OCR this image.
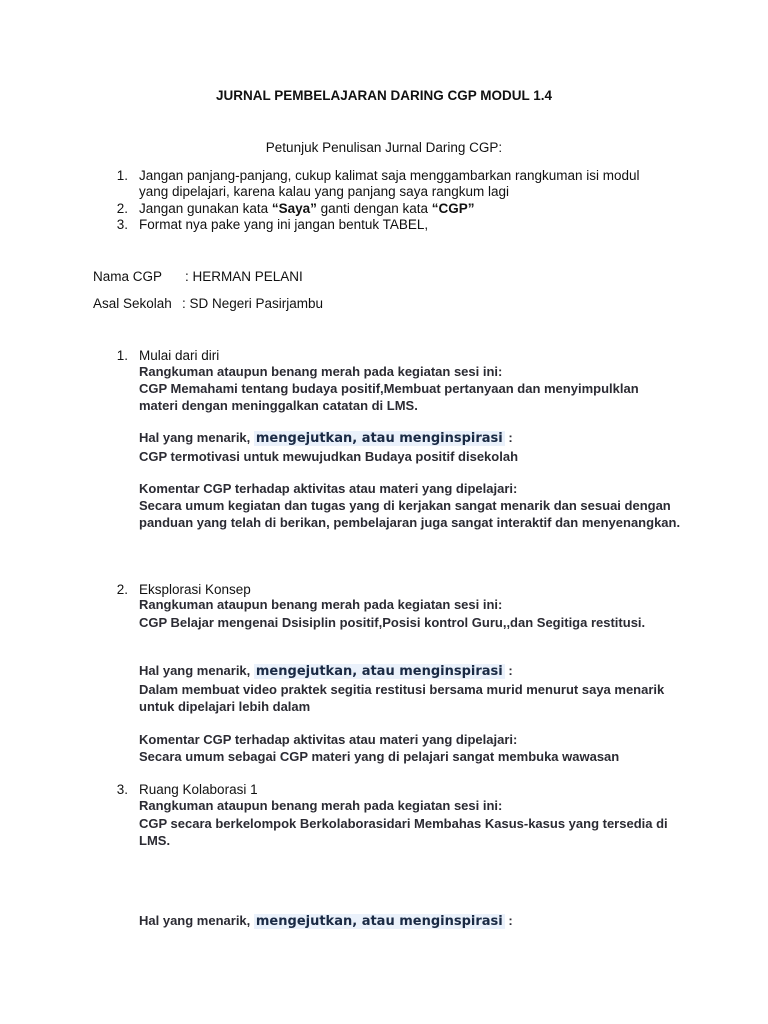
JURNAL PEMBELAJARAN DARING CGP MODUL 1.4
Petunjuk Penulisan Jurnal Daring CGP:
1. Jangan panjang-panjang, cukup kalimat saja menggambarkan rangkuman isi modul
yang dipelajari, karena kalau yang panjang saya rangkum lagi
2. Jangan gunakan kata “Saya” ganti dengan kata “CGP”
3. Format nya pake yang ini jangan bentuk TABEL,
Nama CGP : HERMAN PELANI
Asal Sekolah : SD Negeri Pasirjambu
1. Mulai dari diri
Rangkuman ataupun benang merah pada kegiatan sesi ini:
CGP Memahami tentang budaya positif,Membuat pertanyaan dan menyimpulklan materi dengan meninggalkan catatan di LMS.
Hal yang menarik, mengejutkan, atau menginspirasi :
CGP termotivasi untuk mewujudkan Budaya positif disekolah
Komentar CGP terhadap aktivitas atau materi yang dipelajari:
Secara umum kegiatan dan tugas yang di kerjakan sangat menarik dan sesuai dengan panduan yang telah di berikan, pembelajaran juga sangat interaktif dan menyenangkan.
2. Eksplorasi Konsep
Rangkuman ataupun benang merah pada kegiatan sesi ini:
CGP Belajar mengenai Dsisiplin positif,Posisi kontrol Guru,,dan Segitiga restitusi.
Hal yang menarik, mengejutkan, atau menginspirasi :
Dalam membuat video praktek segitia restitusi bersama murid menurut saya menarik untuk dipelajari lebih dalam
Komentar CGP terhadap aktivitas atau materi yang dipelajari:
Secara umum sebagai CGP materi yang di pelajari sangat membuka wawasan
3. Ruang Kolaborasi 1
Rangkuman ataupun benang merah pada kegiatan sesi ini:
CGP secara berkelompok Berkolaborasidari Membahas Kasus-kasus yang tersedia di LMS.
Hal yang menarik, mengejutkan, atau menginspirasi :
